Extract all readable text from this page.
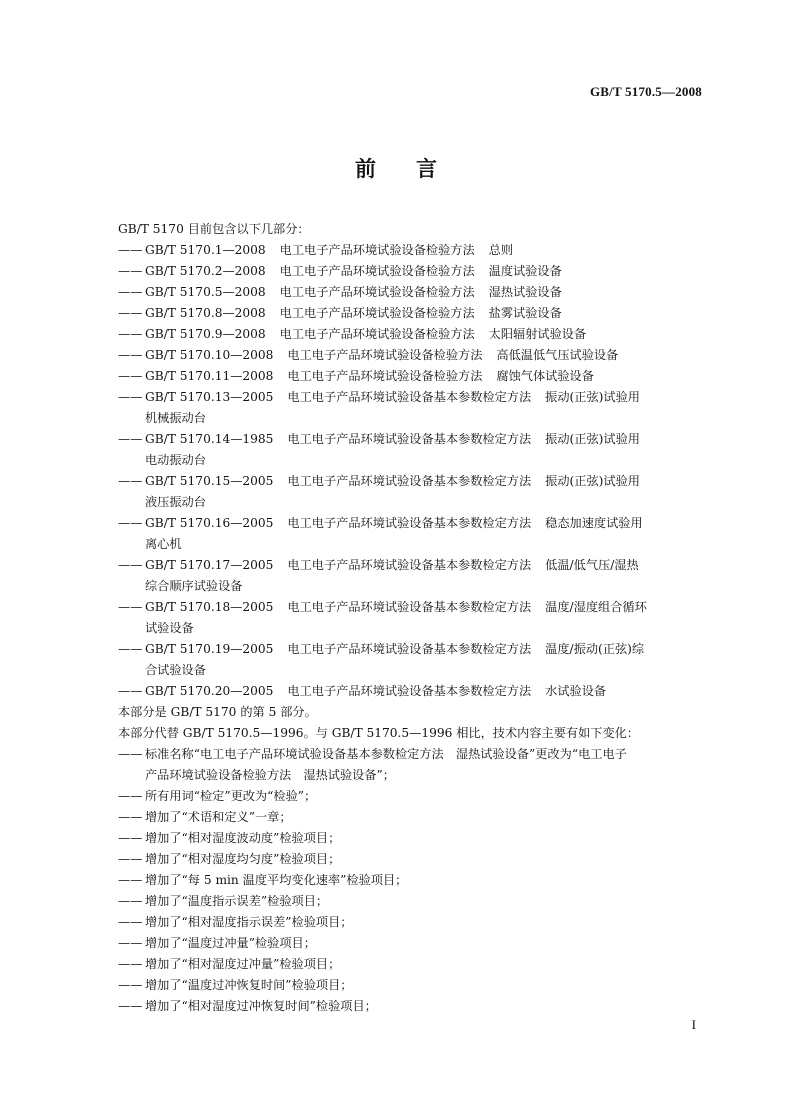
GB/T 5170.5—2008
前言
GB/T 5170 目前包含以下几部分：
—— GB/T 5170.1—2008 电工电子产品环境试验设备检验方法 总则
—— GB/T 5170.2—2008 电工电子产品环境试验设备检验方法 温度试验设备
—— GB/T 5170.5—2008 电工电子产品环境试验设备检验方法 湿热试验设备
—— GB/T 5170.8—2008 电工电子产品环境试验设备检验方法 盐雾试验设备
—— GB/T 5170.9—2008 电工电子产品环境试验设备检验方法 太阳辐射试验设备
—— GB/T 5170.10—2008 电工电子产品环境试验设备检验方法 高低温低气压试验设备
—— GB/T 5170.11—2008 电工电子产品环境试验设备检验方法 腐蚀气体试验设备
—— GB/T 5170.13—2005 电工电子产品环境试验设备基本参数检定方法 振动(正弦)试验用
机械振动台
—— GB/T 5170.14—1985 电工电子产品环境试验设备基本参数检定方法 振动(正弦)试验用
电动振动台
—— GB/T 5170.15—2005 电工电子产品环境试验设备基本参数检定方法 振动(正弦)试验用
液压振动台
—— GB/T 5170.16—2005 电工电子产品环境试验设备基本参数检定方法 稳态加速度试验用
离心机
—— GB/T 5170.17—2005 电工电子产品环境试验设备基本参数检定方法 低温/低气压/湿热
综合顺序试验设备
—— GB/T 5170.18—2005 电工电子产品环境试验设备基本参数检定方法 温度/湿度组合循环
试验设备
—— GB/T 5170.19—2005 电工电子产品环境试验设备基本参数检定方法 温度/振动(正弦)综
合试验设备
—— GB/T 5170.20—2005 电工电子产品环境试验设备基本参数检定方法 水试验设备
本部分是 GB/T 5170 的第 5 部分。
本部分代替 GB/T 5170.5—1996。与 GB/T 5170.5—1996 相比，技术内容主要有如下变化：
—— 标准名称“电工电子产品环境试验设备基本参数检定方法　湿热试验设备”更改为“电工电子
产品环境试验设备检验方法　湿热试验设备”；
—— 所有用词“检定”更改为“检验”；
—— 增加了“术语和定义”一章；
—— 增加了“相对湿度波动度”检验项目；
—— 增加了“相对湿度均匀度”检验项目；
—— 增加了“每 5 min 温度平均变化速率”检验项目；
—— 增加了“温度指示误差”检验项目；
—— 增加了“相对湿度指示误差”检验项目；
—— 增加了“温度过冲量”检验项目；
—— 增加了“相对湿度过冲量”检验项目；
—— 增加了“温度过冲恢复时间”检验项目；
—— 增加了“相对湿度过冲恢复时间”检验项目；
I
